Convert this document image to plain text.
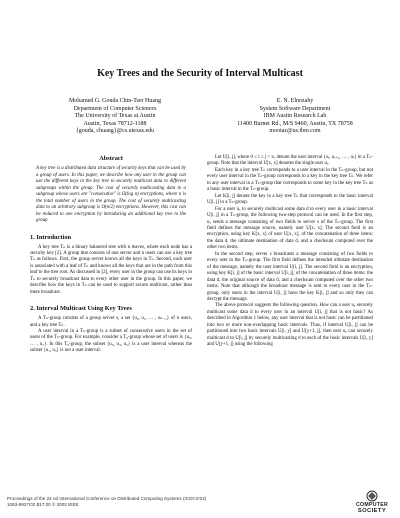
Key Trees and the Security of Interval Multicast
Mohamed G. Gouda Chin-Tser Huang
Department of Computer Sciences
The University of Texas at Austin
Austin, Texas 78712-1188
{gouda, chuang}@cs.utexas.edu
E. N. Elnozahy
System Software Department
IBM Austin Research Lab
11400 Burnet Rd., M/S 9460, Austin, TX 78758
mootaz@us.ibm.com
Abstract

A key tree is a distributed data structure of security keys that can be used by a group of users. In this paper, we describe how any user in the group can use the different keys in the key tree to securely multicast data to different subgroups within the group. The cost of securely multicasting data to a subgroup whose users are "consecutive" is O(log n) encryptions, where n is the total number of users in the group. The cost of securely multicasting data to an arbitrary subgroup is O(n/2) encryptions. However, this cost can be reduced to one encryption by introducing an additional key tree to the group.

1. Introduction

A key tree Tₙ is a binary balanced tree with n leaves, where each node has a security key [2]. A group that consists of one server and n users can use a key tree Tₙ as follows. First, the group server knows all the keys in Tₙ. Second, each user is associated with a leaf of Tₙ and knows all the keys that are in the path from this leaf to the tree root. As discussed in [2], every user in the group can use its keys in Tₙ to securely broadcast data to every other user in the group. In this paper, we describe how the keys in Tₙ can be used to support secure multicast, rather than mere broadcast.

2. Interval Multicast Using Key Trees

A Tₙ-group consists of a group server s, a set {u₀, u₁, … , uₙ₋₁} of n users, and a key tree Tₙ.

A user interval in a Tₙ-group is a subset of consecutive users in the set of users of the Tₙ-group. For example, consider a T₈-group whose set of users is {u₀, … , u₇}. In this T₈-group, the subset {u₃, u₄, u₅} is a user interval whereas the subset {u₁, u₃} is not a user interval.

Let U[i, j], where 0 ≤ i ≤ j < n, denote the user interval {uᵢ, uᵢ₊₁, … , uⱼ} in a Tₙ-group. Note that the interval U[x, x] denotes the single user uₓ.

Each key in a key tree Tₙ corresponds to a user interval in the Tₙ-group, but not every user interval in the Tₙ-group corresponds to a key in the key tree Tₙ. We refer to any user interval in a Tₙ-group that corresponds to some key in the key tree Tₙ as a basic interval in the Tₙ-group.

Let K[i, j] denote the key in a key tree Tₙ that corresponds to the basic interval U[i, j] in a Tₙ-group.

For a user uₓ to securely multicast some data d to every user in a basic interval U[i, j] in a Tₙ-group, the following two-step protocol can be used. In the first step, uₓ sends a message consisting of two fields to server s of the Tₙ-group. The first field defines the message source, namely user U[x, x]. The second field is an encryption, using key K[x, x] of user U[x, x], of the concatenation of three items: the data d, the ultimate destination of data d, and a checksum computed over the other two items.

In the second step, server s broadcasts a message consisting of two fields to every user in the Tₙ-group. The first field defines the intended ultimate destination of the message, namely the user interval U[i, j]. The second field is an encryption, using key K[i, j] of the basic interval U[i, j], of the concatenation of three items: the data d, the original source of data d, and a checksum computed over the other two items. Note that although the broadcast message is sent to every user in the Tₙ-group, only users in the interval U[i, j] have the key K[i, j] and so only they can decrypt the message.

The above protocol suggests the following question. How can a user uₓ securely multicast some data d to every user in an interval U[i, j] that is not basic? As described in Algorithm 1 below, any user interval that is not basic can be partitioned into two or more non-overlapping basic intervals. Thus, if interval U[i, j] can be partitioned into two basic intervals U[i, y] and U[y+1, j], then user uₓ can securely multicast d to U[i, j] by securely multicasting d to each of the basic intervals U[i, y] and U[y+1, j] using the following

Proceedings of the 22 nd International Conference on Distributed Computing Systems (ICDCS'02)
1063-6927/02 $17.00 © 2002 IEEE	COMPUTER
SOCIETY
